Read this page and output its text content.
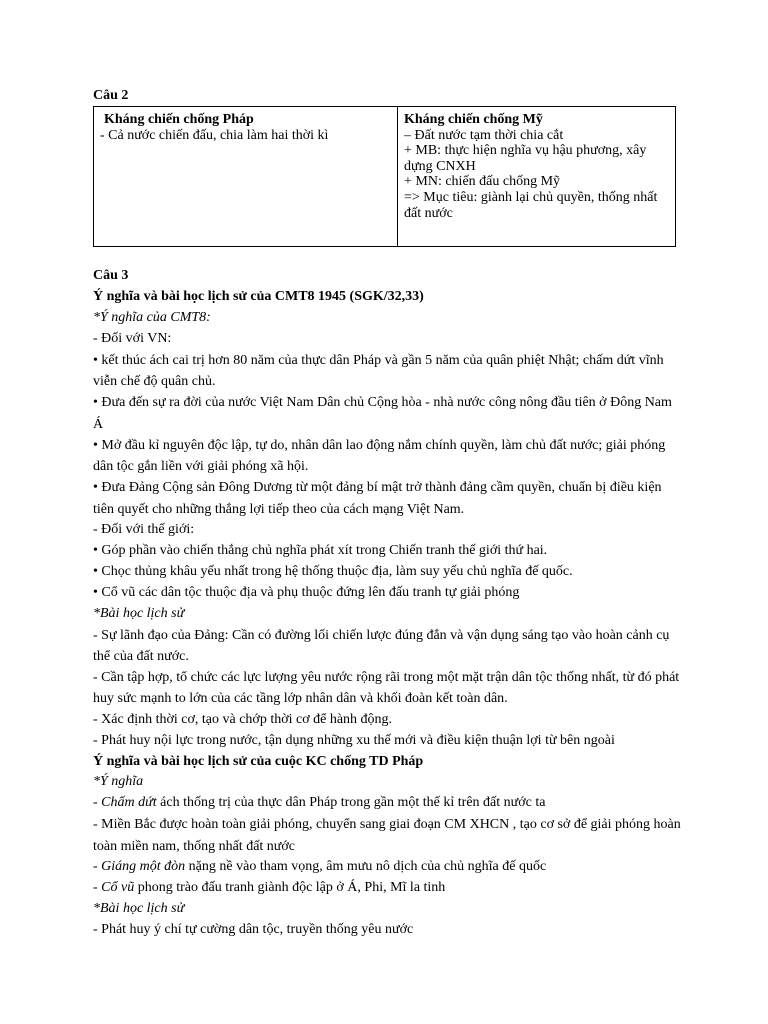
Câu 2
Kháng chiến chống Pháp
- Cả nước chiến đấu, chia làm hai thời kì

Kháng chiến chống Mỹ
– Đất nước tạm thời chia cắt
+ MB: thực hiện nghĩa vụ hậu phương, xây dựng CNXH
+ MN: chiến đấu chống Mỹ
=> Mục tiêu: giành lại chủ quyền, thống nhất đất nước

Câu 3

Ý nghĩa và bài học lịch sử của CMT8 1945 (SGK/32,33)

*Ý nghĩa của CMT8:

- Đối với VN:

• kết thúc ách cai trị hơn 80 năm của thực dân Pháp và gần 5 năm của quân phiệt Nhật; chấm dứt vĩnh viễn chế độ quân chủ.

• Đưa đến sự ra đời của nước Việt Nam Dân chủ Cộng hòa - nhà nước công nông đầu tiên ở Đông Nam Á

• Mở đầu kỉ nguyên độc lập, tự do, nhân dân lao động nắm chính quyền, làm chủ đất nước; giải phóng dân tộc gắn liền với giải phóng xã hội.

• Đưa Đảng Cộng sản Đông Dương từ một đảng bí mật trở thành đảng cầm quyền, chuẩn bị điều kiện tiên quyết cho những thắng lợi tiếp theo của cách mạng Việt Nam.

- Đối với thế giới:

• Góp phần vào chiến thắng chủ nghĩa phát xít trong Chiến tranh thế giới thứ hai.

• Chọc thủng khâu yếu nhất trong hệ thống thuộc địa, làm suy yếu chủ nghĩa đế quốc.

• Cổ vũ các dân tộc thuộc địa và phụ thuộc đứng lên đấu tranh tự giải phóng

*Bài học lịch sử

- Sự lãnh đạo của Đảng: Cần có đường lối chiến lược đúng đắn và vận dụng sáng tạo vào hoàn cảnh cụ thể của đất nước.

- Cần tập hợp, tổ chức các lực lượng yêu nước rộng rãi trong một mặt trận dân tộc thống nhất, từ đó phát huy sức mạnh to lớn của các tầng lớp nhân dân và khối đoàn kết toàn dân.

- Xác định thời cơ, tạo và chớp thời cơ để hành động.

- Phát huy nội lực trong nước, tận dụng những xu thế mới và điều kiện thuận lợi từ bên ngoài

Ý nghĩa và bài học lịch sử của cuộc KC chống TD Pháp

*Ý nghĩa

- Chấm dứt ách thống trị của thực dân Pháp trong gần một thế kỉ trên đất nước ta

- Miền Bắc được hoàn toàn giải phóng, chuyển sang giai đoạn CM XHCN , tạo cơ sở để giải phóng hoàn toàn miền nam, thống nhất đất nước

- Giáng một đòn nặng nề vào tham vọng, âm mưu nô dịch của chủ nghĩa đế quốc

- Cổ vũ phong trào đấu tranh giành độc lập ở Á, Phi, Mĩ la tinh

*Bài học lịch sử

- Phát huy ý chí tự cường dân tộc, truyền thống yêu nước
